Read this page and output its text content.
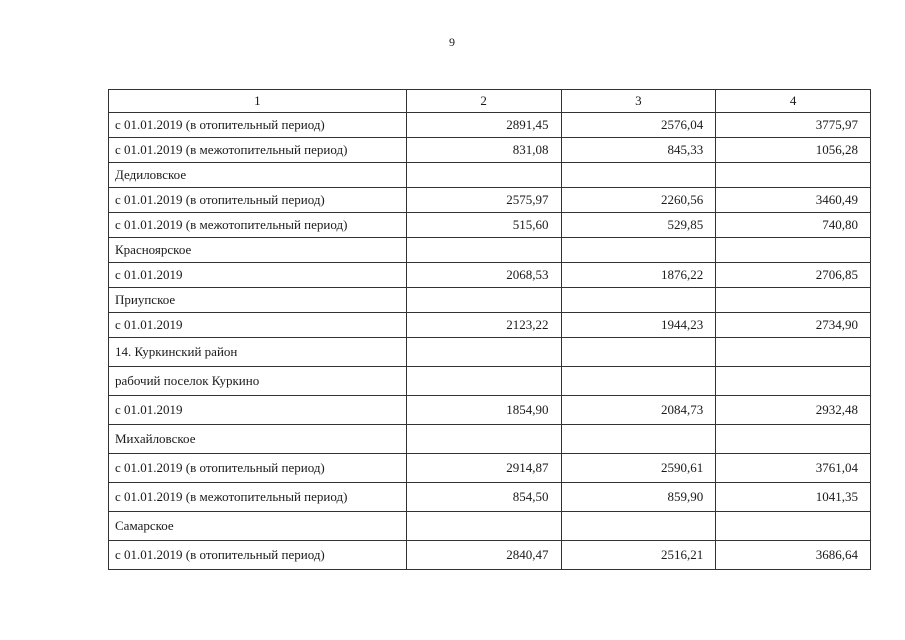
9
1	2	3	4
с 01.01.2019 (в отопительный период)	2891,45	2576,04	3775,97
с 01.01.2019 (в межотопительный период)	831,08	845,33	1056,28
Дедиловское			
с 01.01.2019 (в отопительный период)	2575,97	2260,56	3460,49
с 01.01.2019 (в межотопительный период)	515,60	529,85	740,80
Красноярское			
с 01.01.2019	2068,53	1876,22	2706,85
Приупское			
с 01.01.2019	2123,22	1944,23	2734,90
14. Куркинский район			
рабочий поселок Куркино			
с 01.01.2019	1854,90	2084,73	2932,48
Михайловское			
с 01.01.2019 (в отопительный период)	2914,87	2590,61	3761,04
с 01.01.2019 (в межотопительный период)	854,50	859,90	1041,35
Самарское			
с 01.01.2019 (в отопительный период)	2840,47	2516,21	3686,64
